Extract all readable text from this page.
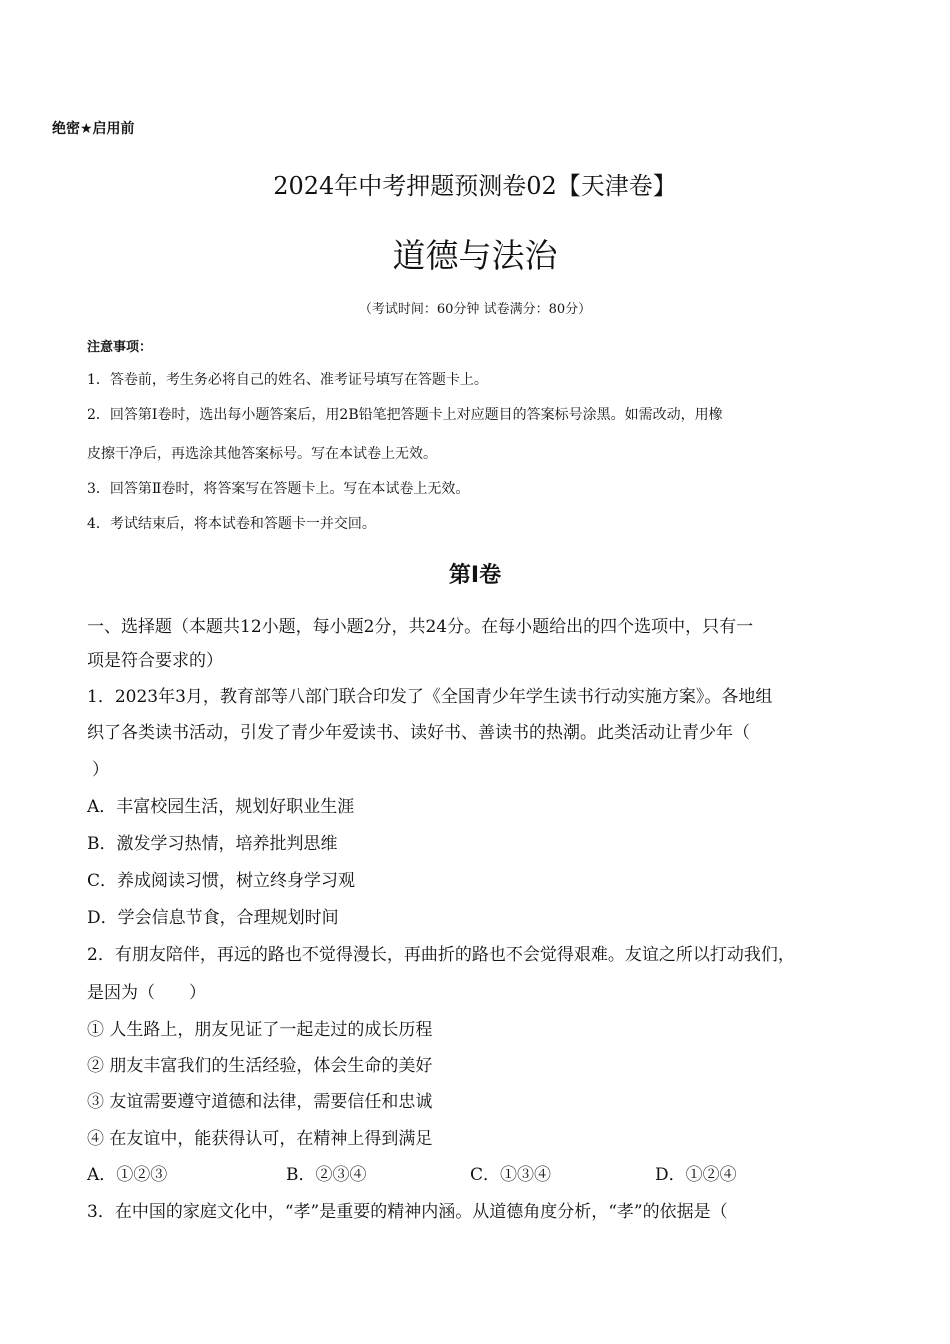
绝密★启用前
2024年中考押题预测卷02【天津卷】
道德与法治
（考试时间：60分钟 试卷满分：80分）
注意事项：
1．答卷前，考生务必将自己的姓名、准考证号填写在答题卡上。
2．回答第Ⅰ卷时，选出每小题答案后，用2B铅笔把答题卡上对应题目的答案标号涂黑。如需改动，用橡
皮擦干净后，再选涂其他答案标号。写在本试卷上无效。
3．回答第Ⅱ卷时，将答案写在答题卡上。写在本试卷上无效。
4．考试结束后，将本试卷和答题卡一并交回。
第Ⅰ卷
一、选择题（本题共12小题，每小题2分，共24分。在每小题给出的四个选项中，只有一
项是符合要求的）
1．2023年3月，教育部等八部门联合印发了《全国青少年学生读书行动实施方案》。各地组
织了各类读书活动，引发了青少年爱读书、读好书、善读书的热潮。此类活动让青少年（
）
A．丰富校园生活，规划好职业生涯
B．激发学习热情，培养批判思维
C．养成阅读习惯，树立终身学习观
D．学会信息节食，合理规划时间
2．有朋友陪伴，再远的路也不觉得漫长，再曲折的路也不会觉得艰难。友谊之所以打动我们，
是因为（　　）
① 人生路上，朋友见证了一起走过的成长历程
② 朋友丰富我们的生活经验，体会生命的美好
③ 友谊需要遵守道德和法律，需要信任和忠诚
④ 在友谊中，能获得认可，在精神上得到满足
A．①②③	B．②③④	C．①③④	D．①②④
3．在中国的家庭文化中，“孝”是重要的精神内涵。从道德角度分析，“孝”的依据是（
